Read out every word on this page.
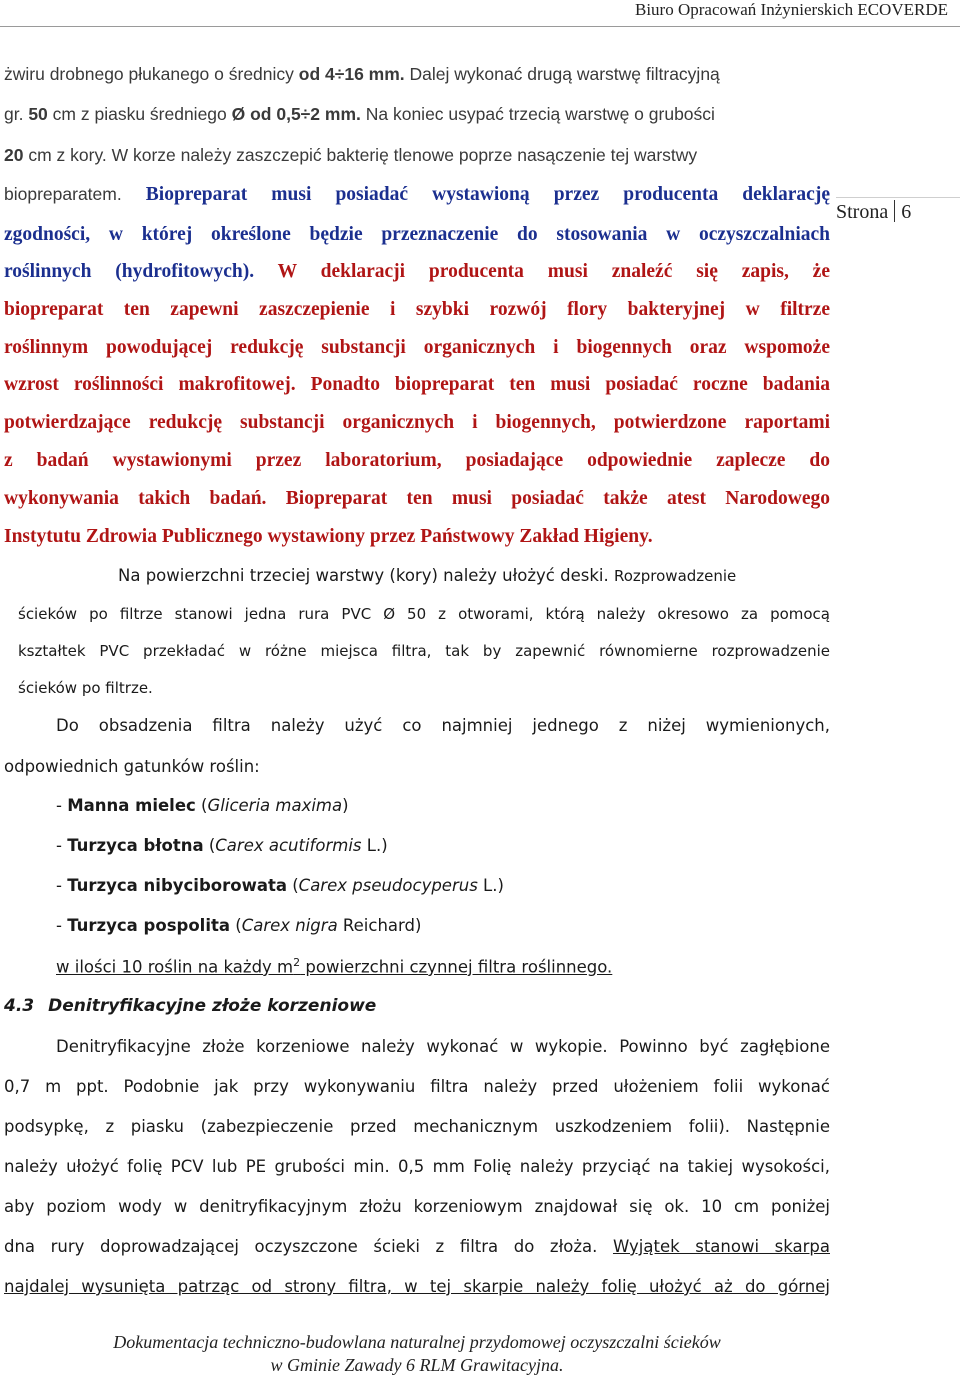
Biuro Opracowań Inżynierskich ECOVERDE
Strona 6
żwiru drobnego płukanego o średnicy od 4÷16 mm. Dalej wykonać drugą warstwę filtracyjną
gr. 50 cm z piasku średniego Ø od 0,5÷2 mm. Na koniec usypać trzecią warstwę o grubości
20 cm z kory. W korze należy zaszczepić bakterię tlenowe poprze nasączenie tej warstwy
biopreparatem. Biopreparat musi posiadać wystawioną przez producenta deklarację
zgodności, w której określone będzie przeznaczenie do stosowania w oczyszczalniach
roślinnych (hydrofitowych). W deklaracji producenta musi znaleźć się zapis, że
biopreparat ten zapewni zaszczepienie i szybki rozwój flory bakteryjnej w filtrze
roślinnym powodującej redukcję substancji organicznych i biogennych oraz wspomoże
wzrost roślinności makrofitowej. Ponadto biopreparat ten musi posiadać roczne badania
potwierdzające redukcję substancji organicznych i biogennych, potwierdzone raportami
z badań wystawionymi przez laboratorium, posiadające odpowiednie zaplecze do
wykonywania takich badań. Biopreparat ten musi posiadać także atest Narodowego
Instytutu Zdrowia Publicznego wystawiony przez Państwowy Zakład Higieny.
Na powierzchni trzeciej warstwy (kory) należy ułożyć deski. Rozprowadzenie
ścieków po filtrze stanowi jedna rura PVC Ø 50 z otworami, którą należy okresowo za pomocą
kształtek PVC przekładać w różne miejsca filtra, tak by zapewnić równomierne rozprowadzenie
ścieków po filtrze.
Do obsadzenia filtra należy użyć co najmniej jednego z niżej wymienionych,
odpowiednich gatunków roślin:
- Manna mielec (Gliceria maxima)
- Turzyca błotna (Carex acutiformis L.)
- Turzyca nibyciborowata (Carex pseudocyperus L.)
- Turzyca pospolita (Carex nigra Reichard)
w ilości 10 roślin na każdy $m^2$ powierzchni czynnej filtra roślinnego.
4.3 Denitryfikacyjne złoże korzeniowe
Denitryfikacyjne złoże korzeniowe należy wykonać w wykopie. Powinno być zagłębione
0,7 m ppt. Podobnie jak przy wykonywaniu filtra należy przed ułożeniem folii wykonać
podsypkę, z piasku (zabezpieczenie przed mechanicznym uszkodzeniem folii). Następnie
należy ułożyć folię PCV lub PE grubości min. 0,5 mm Folię należy przyciąć na takiej wysokości,
aby poziom wody w denitryfikacyjnym złożu korzeniowym znajdował się ok. 10 cm poniżej
dna rury doprowadzającej oczyszczone ścieki z filtra do złoża. Wyjątek stanowi skarpa
najdalej wysunięta patrząc od strony filtra, w tej skarpie należy folię ułożyć aż do górnej
Dokumentacja techniczno-budowlana naturalnej przydomowej oczyszczalni ścieków
w Gminie Zawady 6 RLM Grawitacyjna.
